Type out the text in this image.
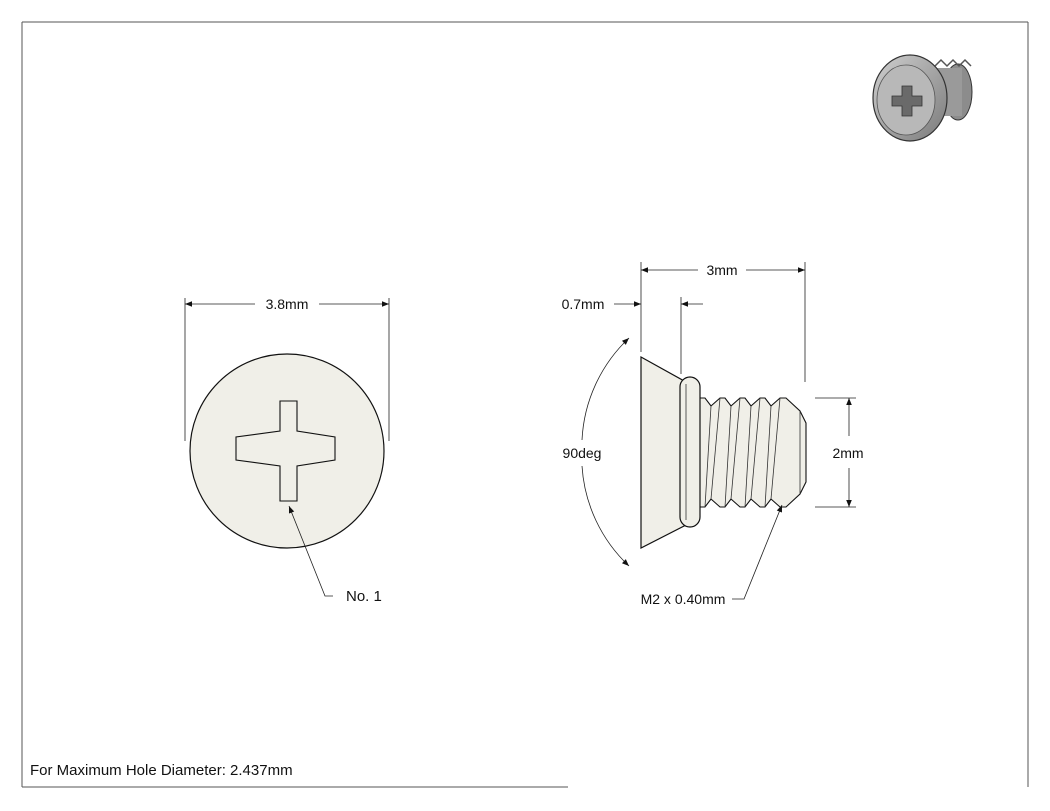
3.8mm
No. 1
3mm
0.7mm
90deg	2mm
M2 x 0.40mm
For Maximum Hole Diameter: 2.437mm
